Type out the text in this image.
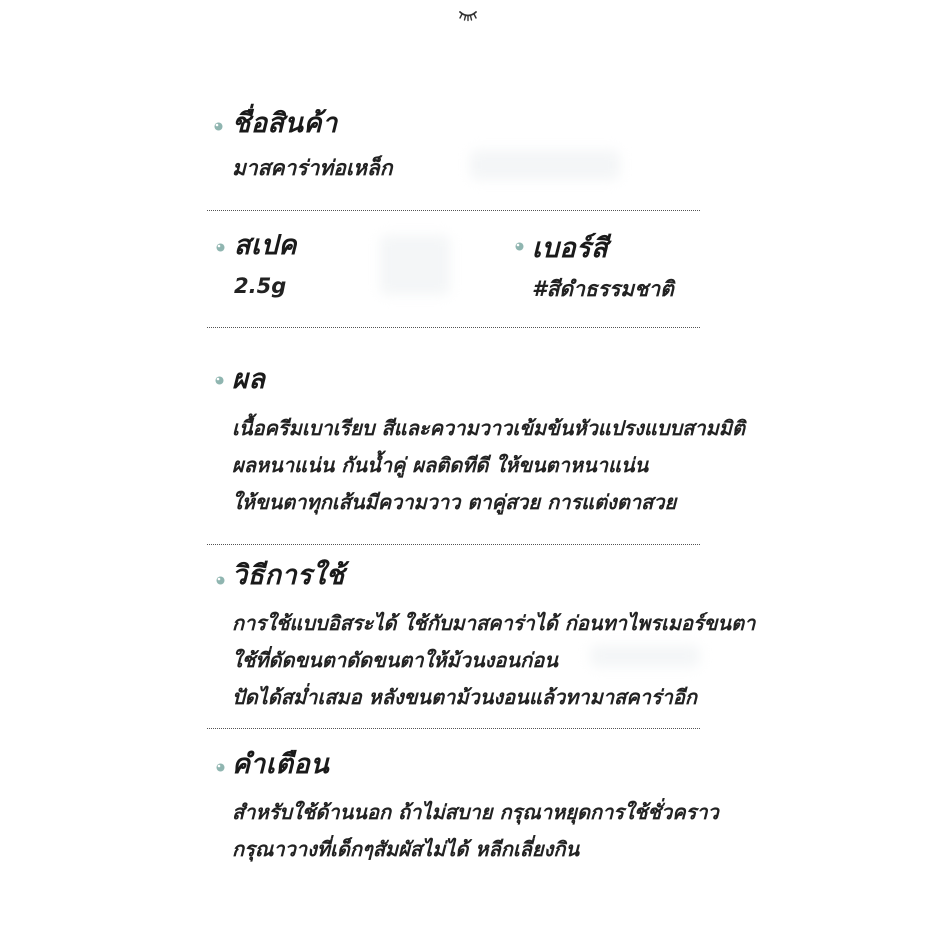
ชื่อสินค้า
มาสคาร่าท่อเหล็ก
สเปค
2.5g
เบอร์สี
#สีดำธรรมชาติ
ผล
เนื้อครีมเบาเรียบ สีและความวาวเข้มข้นหัวแปรงแบบสามมิติ
ผลหนาแน่น กันน้ำคู่ ผลติดทีดี ให้ขนตาหนาแน่น
ให้ขนตาทุกเส้นมีความวาว ตาคู่สวย การแต่งตาสวย
วิธีการใช้
การใช้แบบอิสระได้ ใช้กับมาสคาร่าได้ ก่อนทาไพรเมอร์ขนตา
ใช้ที่ดัดขนตาดัดขนตาให้ม้วนงอนก่อน
ปัดได้สม่ำเสมอ หลังขนตาม้วนงอนแล้วทามาสคาร่าอีก
คำเตือน
สำหรับใช้ด้านนอก ถ้าไม่สบาย กรุณาหยุดการใช้ชั่วคราว
กรุณาวางที่เด็กๆสัมผัสไม่ได้ หลีกเลี่ยงกิน
